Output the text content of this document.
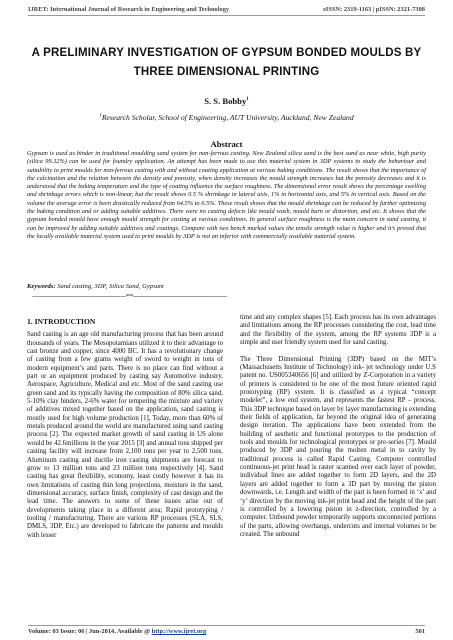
IJRET: International Journal of Research in Engineering and Technology	eISSN: 2319-1163 | pISSN: 2321-7308
A PRELIMINARY INVESTIGATION OF GYPSUM BONDED MOULDS BY THREE DIMENSIONAL PRINTING
S. S. Bobby$^1$
$^1$Research Scholar, School of Engineering, AUT University, Auckland, New Zealand
Abstract
Gypsum is used as binder in traditional moulding sand system for non-ferrous casting. New Zealand silica sand is the best sand as near white, high purity (silica 99.32%) can be used for foundry application. An attempt has been made to use this material system in 3DP systems to study the behaviour and suitability to print moulds for non-ferrous casting with and without coating application at various baking conditions. The result shows that the importance of the calcination and the relation between the density and porosity, when density increases the mould strength increases but the porosity decreases and it is understood that the baking temperature and the type of coating influence the surface roughness. The dimensional error result shows the percentage swelling and shrinkage errors which is non-linear, but the result shows 0.5 % shrinkage in lateral axis, 1% in horizontal axis, and 5% in vertical axis. Based on the volume the average error is been drastically reduced from 64.5% to 6.5%. These result shows that the mould shrinkage can be reduced by further optimizing the baking condition and or adding suitable additives. There were no casting defects like mould wash, mould burn or distortion, and etc. It shows that the gypsum bonded mould have enough mould strength for casting at various conditions. In general surface roughness is the main concern in sand casting, it can be improved by adding suitable additives and coatings. Compare with two bench marked values the tensile strength value is higher and it’s proved that the locally available material system used to print moulds by 3DP is not an inferior with commercially available material system.
Keywords: Sand casting, 3DP, Silica Sand, Gypsum
-------------------------------------------------------------------***-------------------------------------------------------------------
1. INTRODUCTION

Sand casting is an age old manufacturing process that has been around thousands of years. The Mesopotamians utilized it to their advantage to cast bronze and copper, since 4000 BC. It has a revolutionary change of casting from a few grams weight of sword to weight in tons of modern equipment’s and parts. There is no place can find without a part or an equipment produced by casting say Automotive industry, Aerospace, Agriculture, Medical and etc. Most of the sand casting use green sand and its typically having the composition of 80% silica sand, 5-10% clay binders, 2-6% water for tempering the mixture and variety of additives mixed together based on the application, sand casting is mostly used for high volume production [1], Today, more than 60% of metals produced around the world are manufactured using sand casting process [2]. The expected market growth of sand casting in US alone would be 42.6millions in the year 2015 [3] and annual tons shipped per casting facility will increase from 2,100 tons per year to 2,500 tons. Aluminum casting and ductile iron casting shipments are forecast to grow to 13 million tons and 23 million tons respectively [4]. Sand casting has great flexibility, economy, least costly however it has its own limitations of casting thin long projections, moisture in the sand, dimensional accuracy, surface finish, complexity of cast design and the lead time. The answers to some of these issues arise out of developments taking place in a different area; Rapid prototyping / tooling / manufacturing. There are various RP processes (SLA, SLS, DMLS, 3DP, Etc.) are developed to fabricate the patterns and moulds with lesser

time and any complex shapes [5]. Each process has its own advantages and limitations among the RP processes considering the cost, lead time and the flexibility of the system, among the RP systems 3DP is a simple and user friendly system used for sand casting.

The Three Dimensional Printing (3DP) based on the MIT’s (Massachusetts Institute of Technology) ink- jet technology under U.S patent no. US005340656 [6] and utilized by Z-Corporation in a variety of printers is considered to be one of the most future oriented rapid prototyping (RP) system. It is classified as a typical “concept modeler”, a low end system, and represents the fastest RP – process. This 3DP technique based on layer by layer manufacturing is extending their fields of application, far beyond the original idea of generating design iteration. The applications have been extended from the building of aesthetic and functional prototypes to the production of tools and moulds for technological prototypes or pre-series [7]. Mould produced by 3DP and pouring the molten metal in to cavity by traditional process is called Rapid Casting. Computer controlled continuous-jet print head is raster scanned over each layer of powder, individual lines are added together to form 2D layers, and the 2D layers are added together to form a 3D part by moving the piston downwards, i.e. Length and width of the part is been formed in ‘x’ and ‘y’ direction by the moving ink-jet print head and the height of the part is controlled by a lowering piston in z-direction, controlled by a computer. Unbound powder temporarily supports unconnected portions of the parts, allowing overhangs, undercuts and internal volumes to be created. The unbound

Volume: 03 Issue: 06 | Jun-2014, Available @ http://www.ijret.org	501
